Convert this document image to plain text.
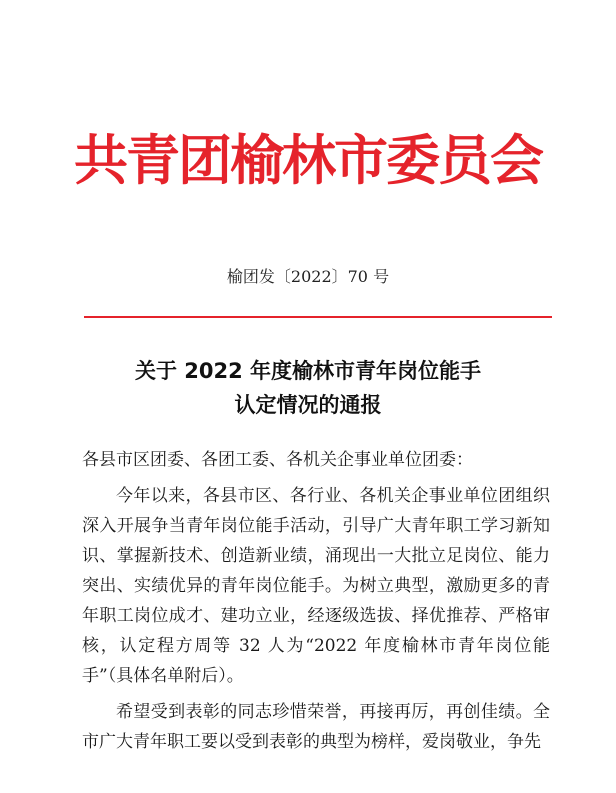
共青团榆林市委员会
榆团发〔2022〕70 号
关于 2022 年度榆林市青年岗位能手
认定情况的通报

各县市区团委、各团工委、各机关企事业单位团委：

今年以来，各县市区、各行业、各机关企事业单位团组织深入开展争当青年岗位能手活动，引导广大青年职工学习新知识、掌握新技术、创造新业绩，涌现出一大批立足岗位、能力突出、实绩优异的青年岗位能手。为树立典型，激励更多的青年职工岗位成才、建功立业，经逐级选拔、择优推荐、严格审核，认定程方周等 32 人为“2022 年度榆林市青年岗位能手”（具体名单附后）。

希望受到表彰的同志珍惜荣誉，再接再厉，再创佳绩。全市广大青年职工要以受到表彰的典型为榜样，爱岗敬业，争先
